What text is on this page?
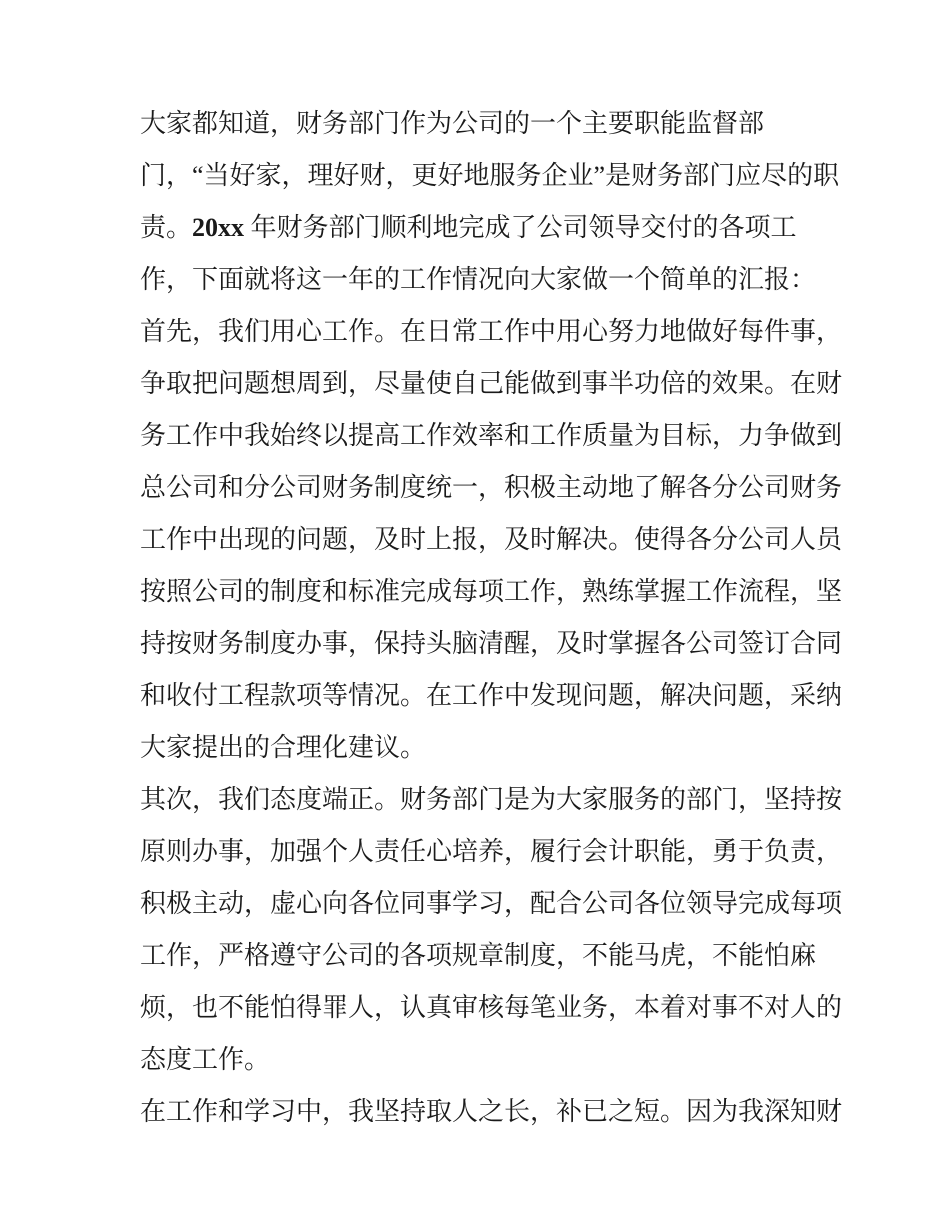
大家都知道，财务部门作为公司的一个主要职能监督部
门，“当好家，理好财，更好地服务企业”是财务部门应尽的职
责。20xx 年财务部门顺利地完成了公司领导交付的各项工
作，下面就将这一年的工作情况向大家做一个简单的汇报：
首先，我们用心工作。在日常工作中用心努力地做好每件事，
争取把问题想周到，尽量使自己能做到事半功倍的效果。在财
务工作中我始终以提高工作效率和工作质量为目标，力争做到
总公司和分公司财务制度统一，积极主动地了解各分公司财务
工作中出现的问题，及时上报，及时解决。使得各分公司人员
按照公司的制度和标准完成每项工作，熟练掌握工作流程，坚
持按财务制度办事，保持头脑清醒，及时掌握各公司签订合同
和收付工程款项等情况。在工作中发现问题，解决问题，采纳
大家提出的合理化建议。
其次，我们态度端正。财务部门是为大家服务的部门，坚持按
原则办事，加强个人责任心培养，履行会计职能，勇于负责，
积极主动，虚心向各位同事学习，配合公司各位领导完成每项
工作，严格遵守公司的各项规章制度，不能马虎，不能怕麻
烦，也不能怕得罪人，认真审核每笔业务，本着对事不对人的
态度工作。
在工作和学习中，我坚持取人之长，补已之短。因为我深知财
